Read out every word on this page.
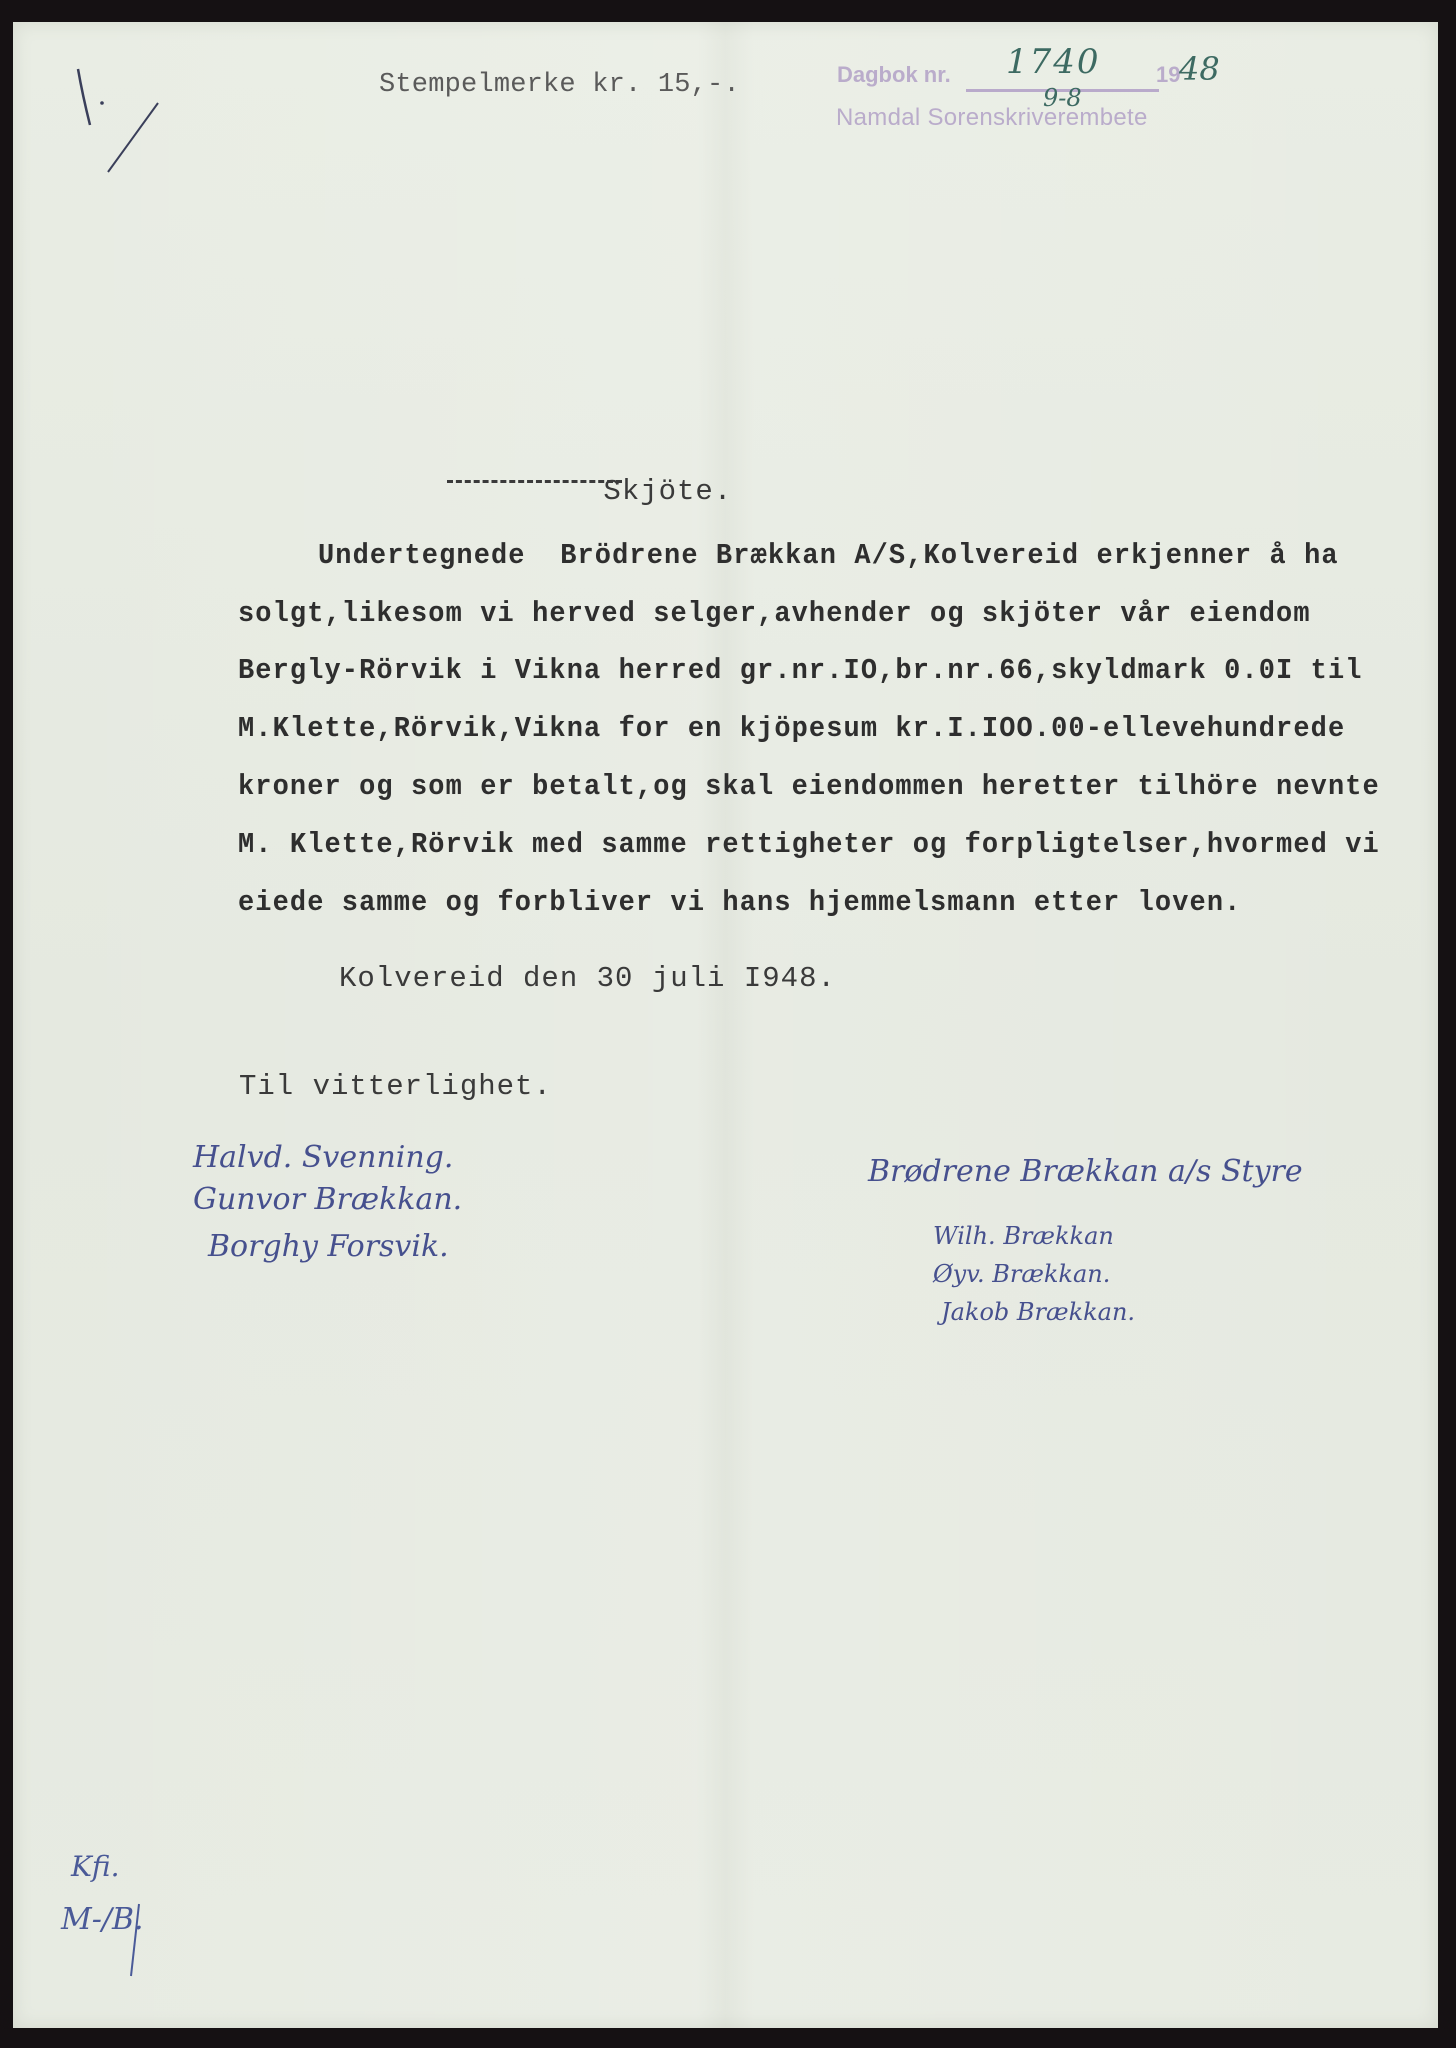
Stempelmerke kr. 15,-.	Dagbok nr. 1740	19
48
9-8
Namdal Sorenskriverembete

Skjöte.

Undertegnede  Brödrene Brækkan A/S,Kolvereid erkjenner å ha
solgt,likesom vi herved selger,avhender og skjöter vår eiendom
Bergly-Rörvik i Vikna herred gr.nr.IO,br.nr.66,skyldmark 0.0I til
M.Klette,Rörvik,Vikna for en kjöpesum kr.I.IOO.00-ellevehundrede
kroner og som er betalt,og skal eiendommen heretter tilhöre nevnte
M. Klette,Rörvik med samme rettigheter og forpligtelser,hvormed vi
eiede samme og forbliver vi hans hjemmelsmann etter loven.
Kolvereid den 30 juli I948.
Til vitterlighet.
Halvd. Svenning.
Gunvor Brækkan.
Borghy Forsvik.
Brødrene Brækkan a/s Styre
Wilh. Brækkan
Øyv. Brækkan.
Jakob Brækkan.
Kfi.
M-/B.
